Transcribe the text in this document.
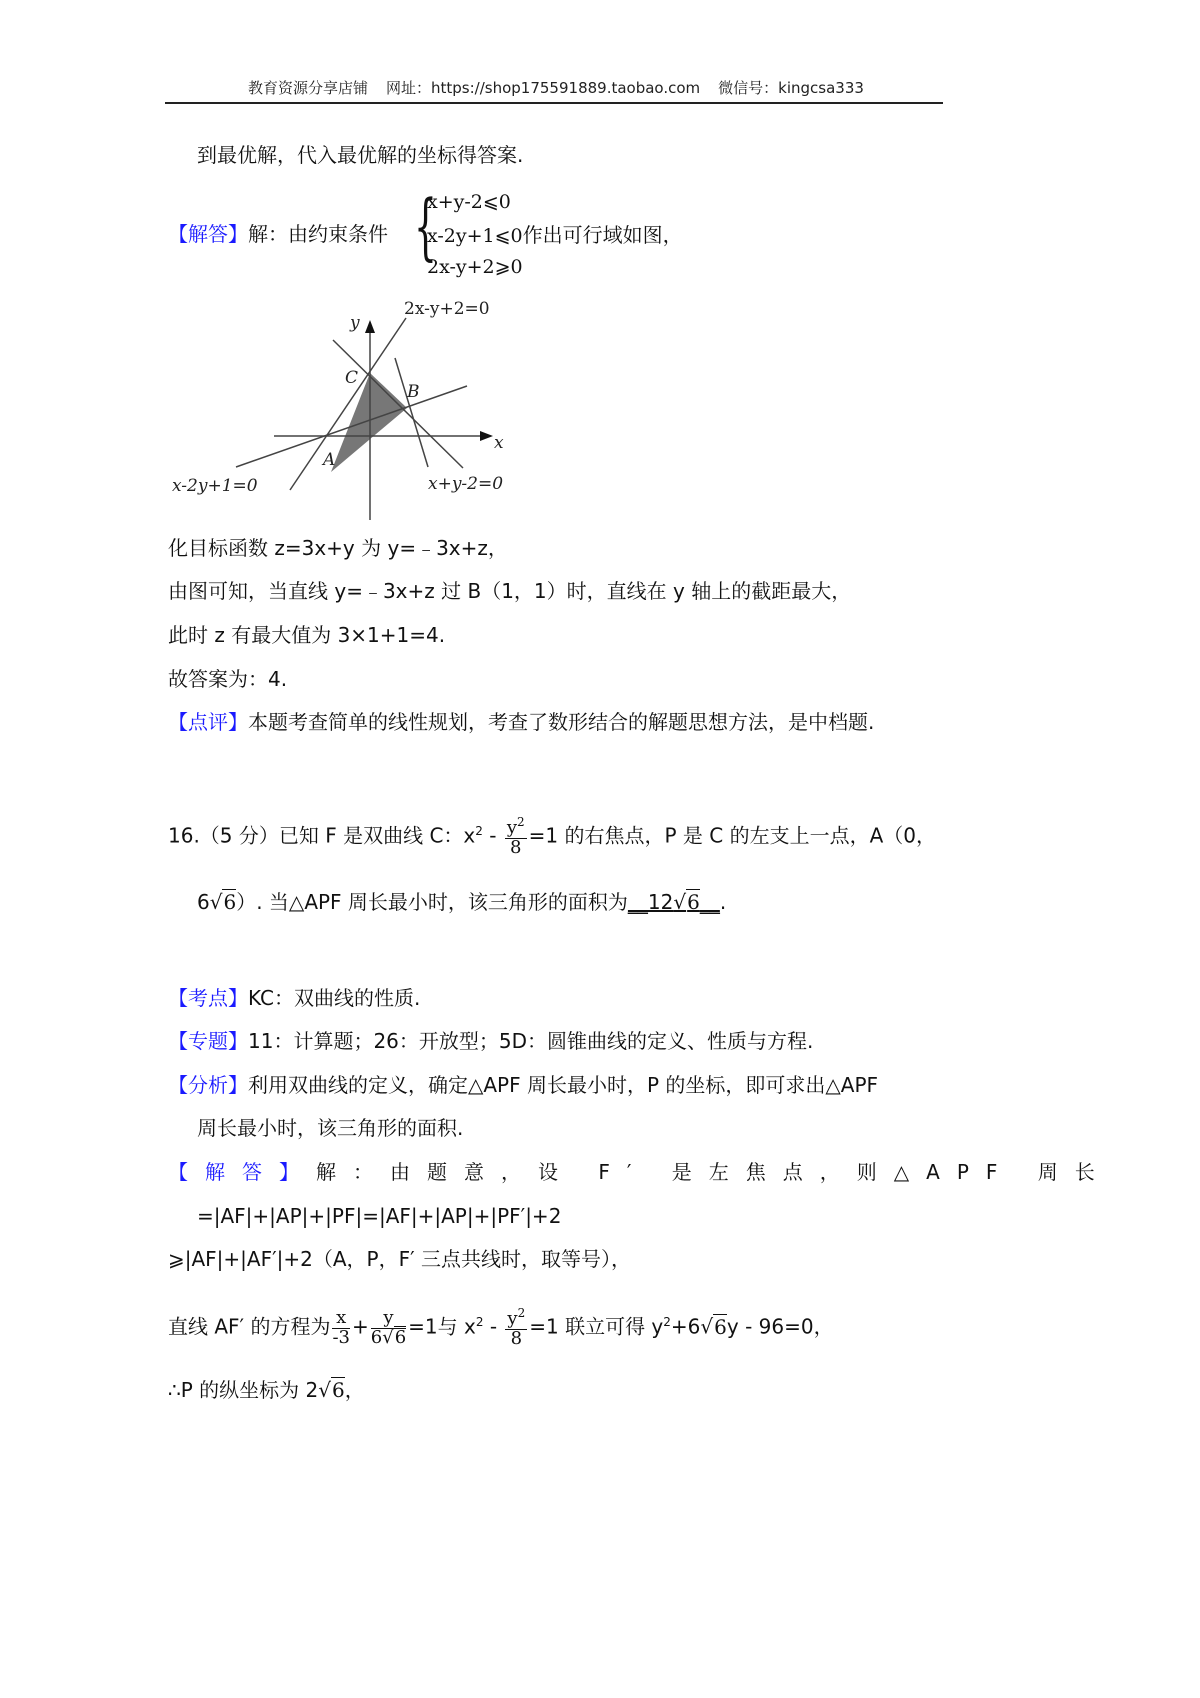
教育资源分享店铺 网址：https://shop175591889.taobao.com 微信号：kingcsa333
到最优解，代入最优解的坐标得答案.
【解答】解：由约束条件 {
x+y-2⩽0
x-2y+1⩽0作出可行域如图，
2x-y+2⩾0
y
x
C
B
A
2x-y+2=0
x-2y+1=0	x+y-2=0
化目标函数 z=3x+y 为 y=﹣3x+z，
由图可知，当直线 y=﹣3x+z 过 B（1，1）时，直线在 y 轴上的截距最大，
此时 z 有最大值为 3×1+1=4.
故答案为：4.
【点评】本题考查简单的线性规划，考查了数形结合的解题思想方法，是中档题.
16.（5 分）已知 F 是双曲线 C：$x^2 - \frac{y^2}{8} =1$ 的右焦点，P 是 C 的左支上一点，A（0，
6√6）. 当△APF 周长最小时，该三角形的面积为__12√6__.
【考点】KC：双曲线的性质.
【专题】11：计算题；26：开放型；5D：圆锥曲线的定义、性质与方程.
【分析】利用双曲线的定义，确定△APF 周长最小时，P 的坐标，即可求出△APF
周长最小时，该三角形的面积.
【解答】解：由题意，设 F′ 是左焦点，则△APF 周长
=|AF|+|AP|+|PF|=|AF|+|AP|+|PF′|+2
⩾|AF|+|AF′|+2（A，P，F′ 三点共线时，取等号），
直线 AF′ 的方程为 $\frac{x}{-3} + \frac{y}{6√6} =1$与 $x^2 - \frac{y^2}{8} =1$ 联立可得 $y^2+6√6y - 96=0$，
∴P 的纵坐标为 2√6，
